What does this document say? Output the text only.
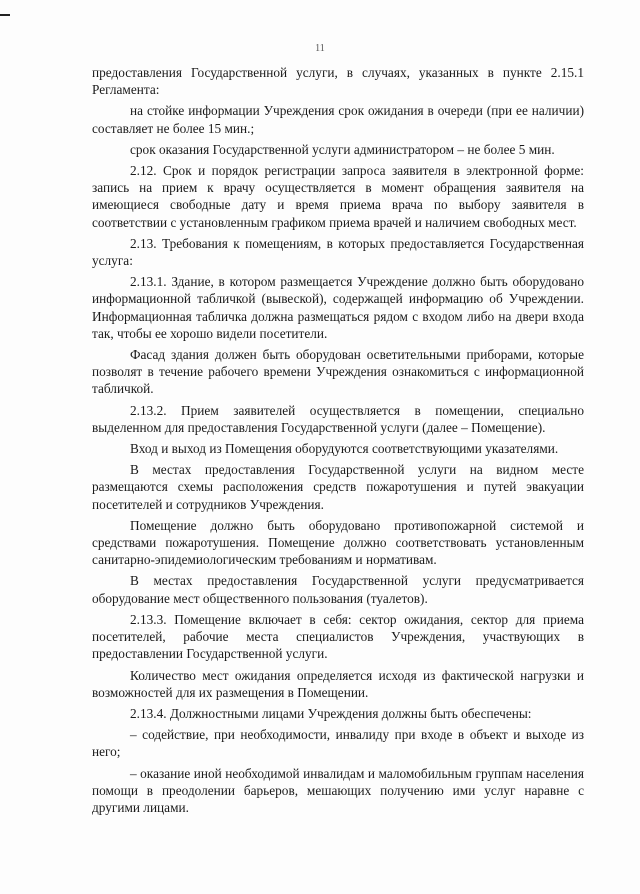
11

предоставления Государственной услуги, в случаях, указанных в пункте 2.15.1 Регламента:

на стойке информации Учреждения срок ожидания в очереди (при ее наличии) составляет не более 15 мин.;

срок оказания Государственной услуги администратором – не более 5 мин.

2.12. Срок и порядок регистрации запроса заявителя в электронной форме: запись на прием к врачу осуществляется в момент обращения заявителя на имеющиеся свободные дату и время приема врача по выбору заявителя в соответствии с установленным графиком приема врачей и наличием свободных мест.

2.13. Требования к помещениям, в которых предоставляется Государственная услуга:

2.13.1. Здание, в котором размещается Учреждение должно быть оборудовано информационной табличкой (вывеской), содержащей информацию об Учреждении. Информационная табличка должна размещаться рядом с входом либо на двери входа так, чтобы ее хорошо видели посетители.

Фасад здания должен быть оборудован осветительными приборами, которые позволят в течение рабочего времени Учреждения ознакомиться с информационной табличкой.

2.13.2. Прием заявителей осуществляется в помещении, специально выделенном для предоставления Государственной услуги (далее – Помещение).

Вход и выход из Помещения оборудуются соответствующими указателями.

В местах предоставления Государственной услуги на видном месте размещаются схемы расположения средств пожаротушения и путей эвакуации посетителей и сотрудников Учреждения.

Помещение должно быть оборудовано противопожарной системой и средствами пожаротушения. Помещение должно соответствовать установленным санитарно-эпидемиологическим требованиям и нормативам.

В местах предоставления Государственной услуги предусматривается оборудование мест общественного пользования (туалетов).

2.13.3. Помещение включает в себя: сектор ожидания, сектор для приема посетителей, рабочие места специалистов Учреждения, участвующих в предоставлении Государственной услуги.

Количество мест ожидания определяется исходя из фактической нагрузки и возможностей для их размещения в Помещении.

2.13.4. Должностными лицами Учреждения должны быть обеспечены:

– содействие, при необходимости, инвалиду при входе в объект и выходе из него;

– оказание иной необходимой инвалидам и маломобильным группам населения помощи в преодолении барьеров, мешающих получению ими услуг наравне с другими лицами.
